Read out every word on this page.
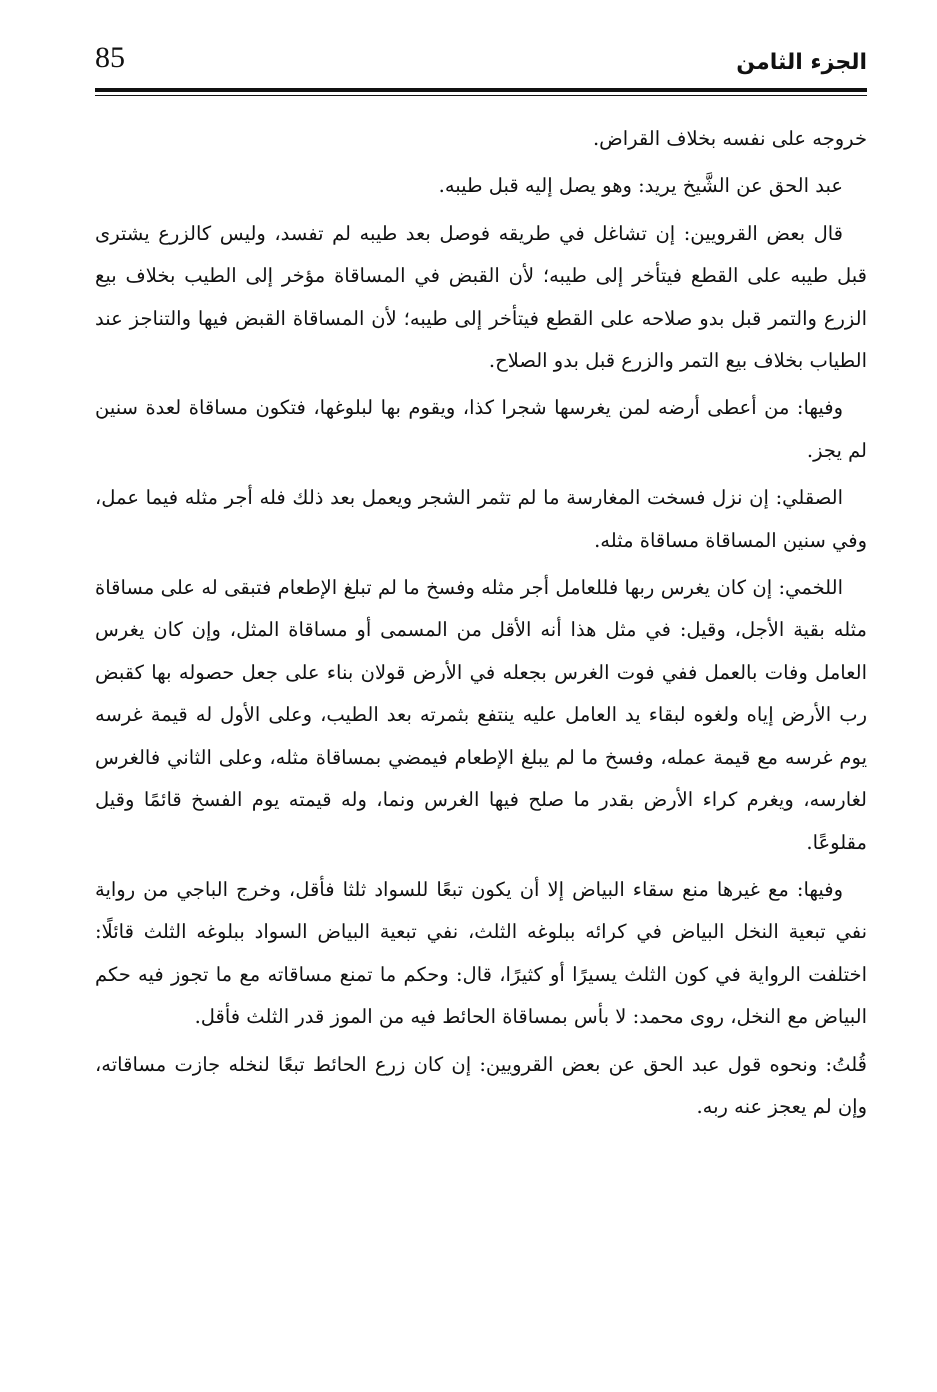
85	الجزء الثامن

خروجه على نفسه بخلاف القراض.

عبد الحق عن الشَّيخ يريد: وهو يصل إليه قبل طيبه.

قال بعض القرويين: إن تشاغل في طريقه فوصل بعد طيبه لم تفسد، وليس كالزرع يشترى قبل طيبه على القطع فيتأخر إلى طيبه؛ لأن القبض في المساقاة مؤخر إلى الطيب بخلاف بيع الزرع والتمر قبل بدو صلاحه على القطع فيتأخر إلى طيبه؛ لأن المساقاة القبض فيها والتناجز عند الطياب بخلاف بيع التمر والزرع قبل بدو الصلاح.

وفيها: من أعطى أرضه لمن يغرسها شجرا كذا، ويقوم بها لبلوغها، فتكون مساقاة لعدة سنين لم يجز.

الصقلي: إن نزل فسخت المغارسة ما لم تثمر الشجر ويعمل بعد ذلك فله أجر مثله فيما عمل، وفي سنين المساقاة مساقاة مثله.

اللخمي: إن كان يغرس ربها فللعامل أجر مثله وفسخ ما لم تبلغ الإطعام فتبقى له على مساقاة مثله بقية الأجل، وقيل: في مثل هذا أنه الأقل من المسمى أو مساقاة المثل، وإن كان يغرس العامل وفات بالعمل ففي فوت الغرس بجعله في الأرض قولان بناء على جعل حصوله بها كقبض رب الأرض إياه ولغوه لبقاء يد العامل عليه ينتفع بثمرته بعد الطيب، وعلى الأول له قيمة غرسه يوم غرسه مع قيمة عمله، وفسخ ما لم يبلغ الإطعام فيمضي بمساقاة مثله، وعلى الثاني فالغرس لغارسه، ويغرم كراء الأرض بقدر ما صلح فيها الغرس ونما، وله قيمته يوم الفسخ قائمًا وقيل مقلوعًا.

وفيها: مع غيرها منع سقاء البياض إلا أن يكون تبعًا للسواد ثلثا فأقل، وخرج الباجي من رواية نفي تبعية النخل البياض في كرائه ببلوغه الثلث، نفي تبعية البياض السواد ببلوغه الثلث قائلًا: اختلفت الرواية في كون الثلث يسيرًا أو كثيرًا، قال: وحكم ما تمنع مساقاته مع ما تجوز فيه حكم البياض مع النخل، روى محمد: لا بأس بمساقاة الحائط فيه من الموز قدر الثلث فأقل.

قُلتُ: ونحوه قول عبد الحق عن بعض القرويين: إن كان زرع الحائط تبعًا لنخله جازت مساقاته، وإن لم يعجز عنه ربه.
